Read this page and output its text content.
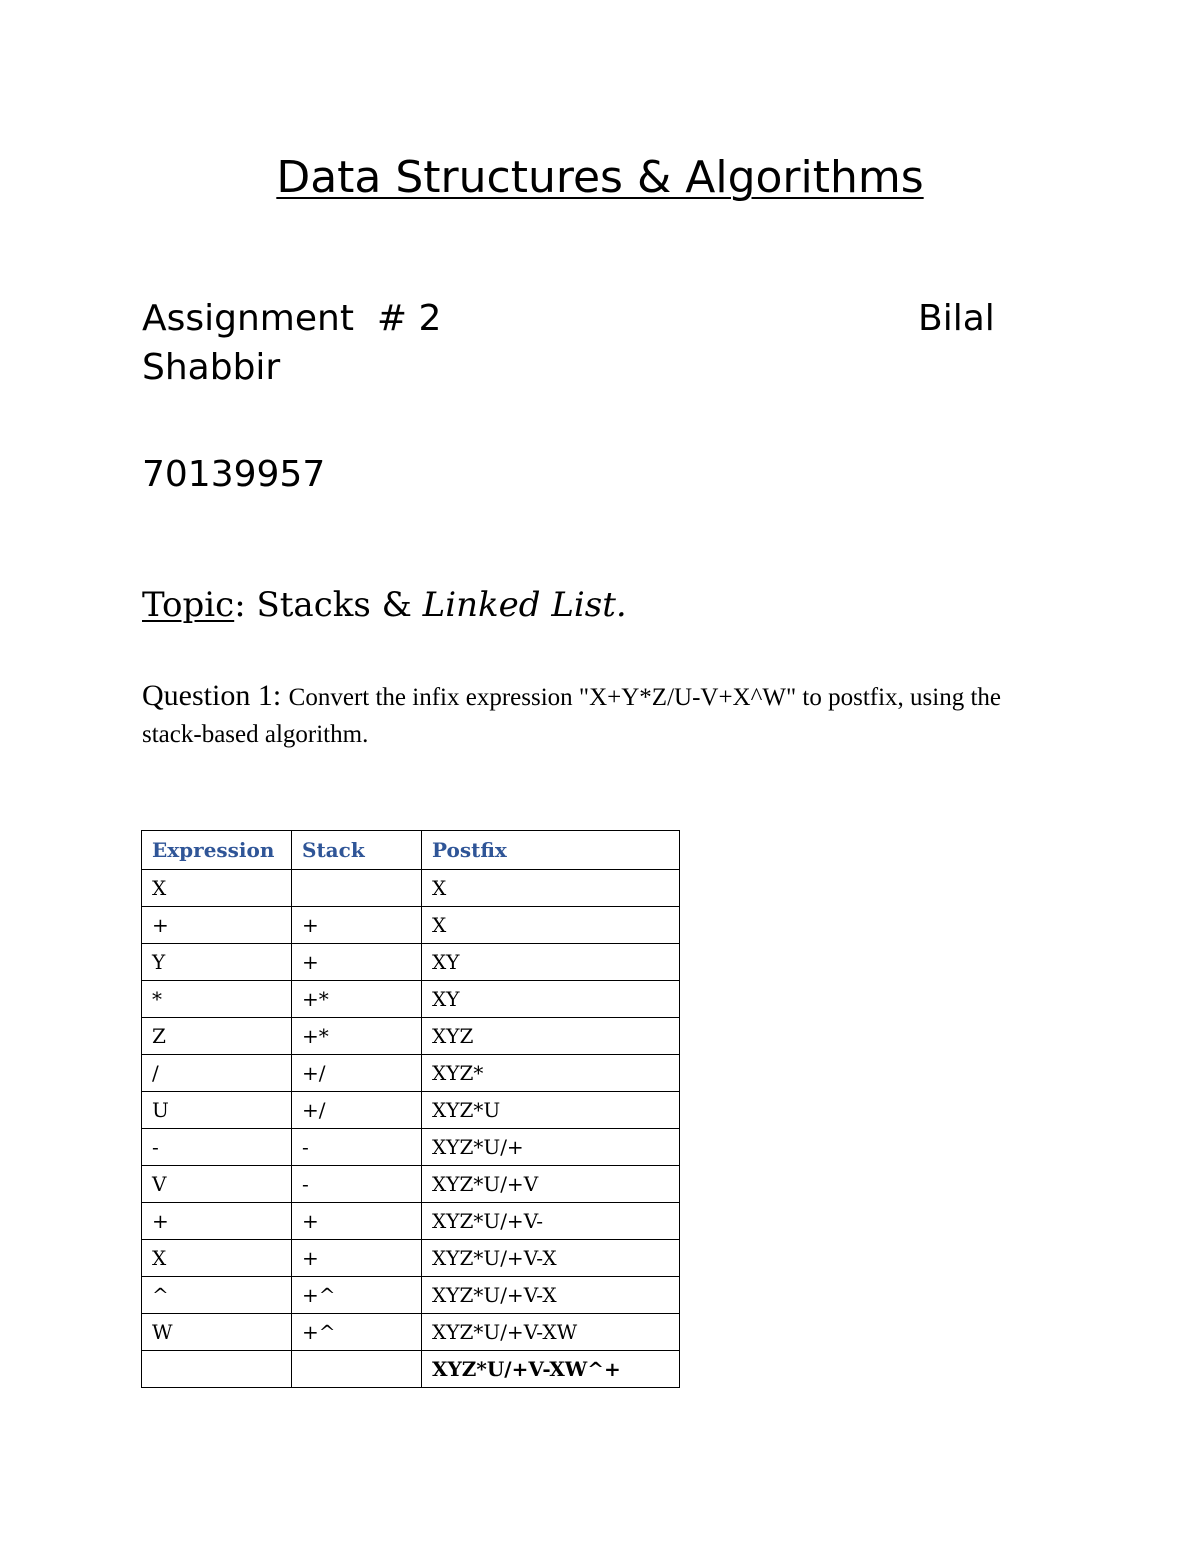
Data Structures & Algorithms
Assignment  # 2	Bilal
Shabbir
70139957
Topic: Stacks & Linked List.
Question 1: Convert the infix expression "X+Y*Z/U-V+X^W" to postfix, using the stack-based algorithm.
Expression	Stack	Postfix
X		X
+	+	X
Y	+	XY
*	+*	XY
Z	+*	XYZ
/	+/	XYZ*
U	+/	XYZ*U
-	-	XYZ*U/+
V	-	XYZ*U/+V
+	+	XYZ*U/+V-
X	+	XYZ*U/+V-X
^	+^	XYZ*U/+V-X
W	+^	XYZ*U/+V-XW
		XYZ*U/+V-XW^+
